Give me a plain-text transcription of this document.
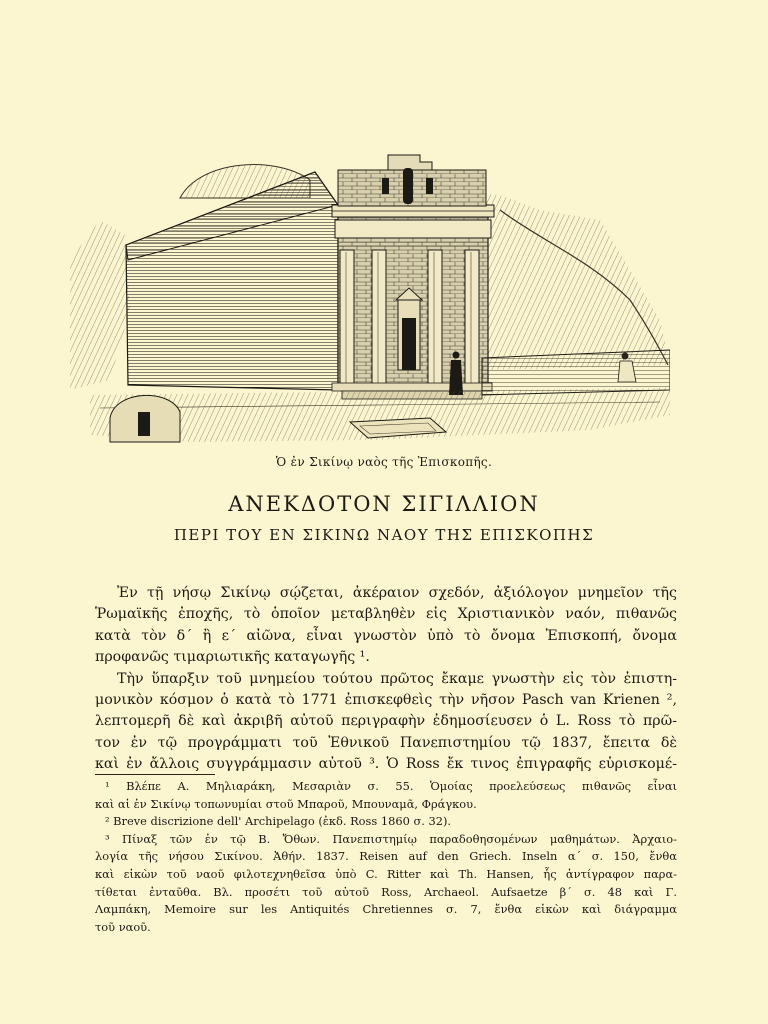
Ὁ ἐν Σικίνῳ ναὸς τῆς Ἐπισκοπῆς.
ΑΝΕΚΔΟΤΟΝ ΣΙΓΙΛΛΙΟΝ
ΠΕΡΙ ΤΟΥ ΕΝ ΣΙΚΙΝΩ ΝΑΟΥ ΤΗΣ ΕΠΙΣΚΟΠΗΣ
Ἐν τῇ νήσῳ Σικίνῳ σῴζεται, ἀκέραιον σχεδόν, ἀξιόλογον μνημεῖον τῆς
Ῥωμαϊκῆς ἐποχῆς, τὸ ὁποῖον μεταβληθὲν εἰς Χριστιανικὸν ναόν, πιθανῶς
κατὰ τὸν δ΄ ἢ ε΄ αἰῶνα, εἶναι γνωστὸν ὑπὸ τὸ ὄνομα Ἐπισκοπή, ὄνομα
προφανῶς τιμαριωτικῆς καταγωγῆς ¹.
Τὴν ὕπαρξιν τοῦ μνημείου τούτου πρῶτος ἔκαμε γνωστὴν εἰς τὸν ἐπιστη-
μονικὸν κόσμον ὁ κατὰ τὸ 1771 ἐπισκεφθεὶς τὴν νῆσον Pasch van Krienen ²,
λεπτομερῆ δὲ καὶ ἀκριβῆ αὐτοῦ περιγραφὴν ἐδημοσίευσεν ὁ L. Ross τὸ πρῶ-
τον ἐν τῷ προγράμματι τοῦ Ἐθνικοῦ Πανεπιστημίου τῷ 1837, ἔπειτα δὲ
καὶ ἐν ἄλλοις συγγράμμασιν αὐτοῦ ³. Ὁ Ross ἔκ τινος ἐπιγραφῆς εὑρισκομέ-
¹ Βλέπε Α. Μηλιαράκη, Μεσαριὰν σ. 55. Ὁμοίας προελεύσεως πιθανῶς εἶναι
καὶ αἱ ἐν Σικίνῳ τοπωνυμίαι στοῦ Μπαροῦ, Μπουναμᾶ, Φράγκου.
² Breve discrizione dell' Archipelago (ἐκδ. Ross 1860 σ. 32).
³ Πίναξ τῶν ἐν τῷ Β. Ὄθων. Πανεπιστημίῳ παραδοθησομένων μαθημάτων. Ἀρχαιο-
λογία τῆς νήσου Σικίνου. Ἀθήν. 1837. Reisen auf den Griech. Inseln α΄ σ. 150, ἔνθα
καὶ εἰκὼν τοῦ ναοῦ φιλοτεχνηθεῖσα ὑπὸ C. Ritter καὶ Th. Hansen, ἧς ἀντίγραφον παρα-
τίθεται ἐνταῦθα. Βλ. προσέτι τοῦ αὐτοῦ Ross, Archaeol. Aufsaetze β΄ σ. 48 καὶ Γ.
Λαμπάκη, Memoire sur les Antiquités Chretiennes σ. 7, ἔνθα εἰκὼν καὶ διάγραμμα
τοῦ ναοῦ.
